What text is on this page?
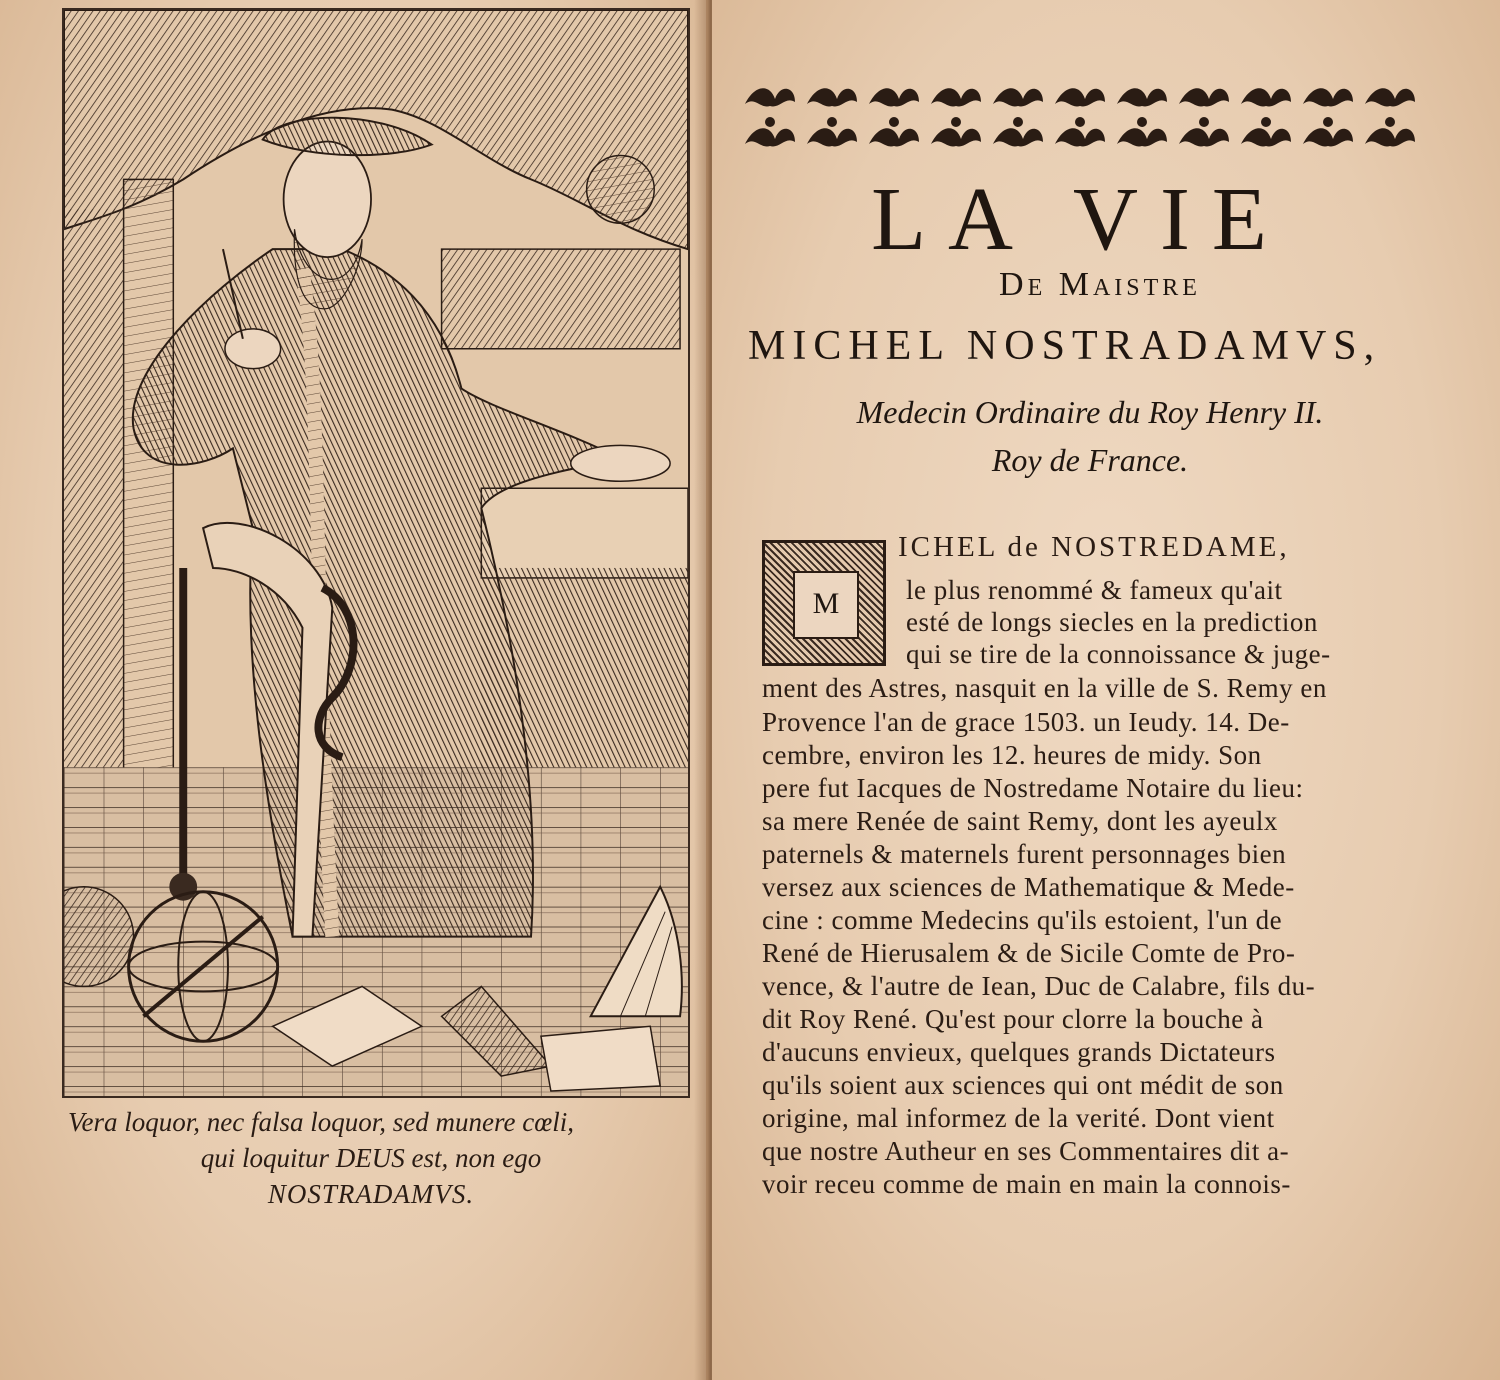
Vera loquor, nec falsa loquor, sed munere cœli,
qui loquitur DEUS est, non ego
NOSTRADAMVS.
LA VIE
De Maistre
MICHEL NOSTRADAMVS,
Medecin Ordinaire du Roy Henry II.
Roy de France.
M
ICHEL de NOSTREDAME,
le plus renommé & fameux qu'ait
esté de longs siecles en la prediction
qui se tire de la connoissance & juge-
ment des Astres, nasquit en la ville de S. Remy en
Provence l'an de grace 1503. un Ieudy. 14. De-
cembre, environ les 12. heures de midy. Son
pere fut Iacques de Nostredame Notaire du lieu:
sa mere Renée de saint Remy, dont les ayeulx
paternels & maternels furent personnages bien
versez aux sciences de Mathematique & Mede-
cine : comme Medecins qu'ils estoient, l'un de
René de Hierusalem & de Sicile Comte de Pro-
vence, & l'autre de Iean, Duc de Calabre, fils du-
dit Roy René. Qu'est pour clorre la bouche à
d'aucuns envieux, quelques grands Dictateurs
qu'ils soient aux sciences qui ont médit de son
origine, mal informez de la verité. Dont vient
que nostre Autheur en ses Commentaires dit a-
voir receu comme de main en main la connois-
